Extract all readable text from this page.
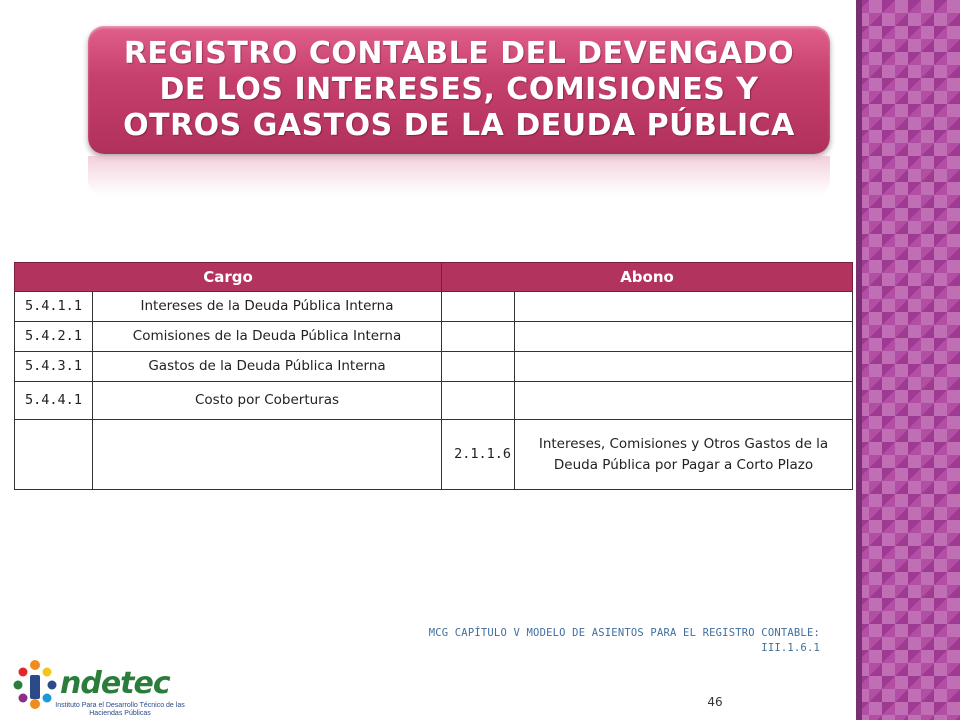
REGISTRO CONTABLE DEL DEVENGADO DE LOS INTERESES, COMISIONES Y OTROS GASTOS DE LA DEUDA PÚBLICA
Cargo		Abono	
5.4.1.1	Intereses de la Deuda Pública Interna		
5.4.2.1	Comisiones de la Deuda Pública Interna		
5.4.3.1	Gastos de la Deuda Pública Interna		
5.4.4.1	Costo por Coberturas		
		2.1.1.6	Intereses, Comisiones y Otros Gastos de la Deuda Pública por Pagar a Corto Plazo
MCG CAPÍTULO V MODELO DE ASIENTOS PARA EL REGISTRO CONTABLE: III.1.6.1
ndetec
Instituto Para el Desarrollo Técnico de las Haciendas Públicas
46
